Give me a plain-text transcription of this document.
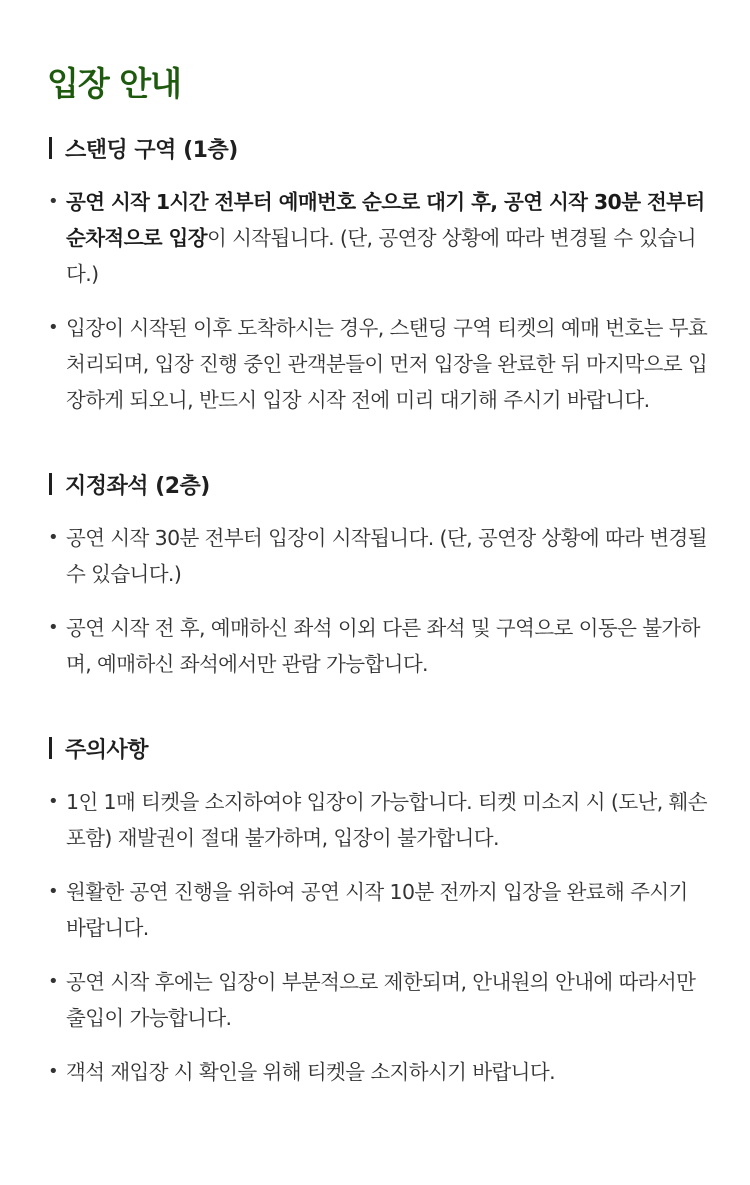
입장 안내
스탠딩 구역 (1층)
• 공연 시작 1시간 전부터 예매번호 순으로 대기 후, 공연 시작 30분 전부터 순차적으로 입장이 시작됩니다. (단, 공연장 상황에 따라 변경될 수 있습니다.)
• 입장이 시작된 이후 도착하시는 경우, 스탠딩 구역 티켓의 예매 번호는 무효 처리되며, 입장 진행 중인 관객분들이 먼저 입장을 완료한 뒤 마지막으로 입장하게 되오니, 반드시 입장 시작 전에 미리 대기해 주시기 바랍니다.
지정좌석 (2층)
• 공연 시작 30분 전부터 입장이 시작됩니다. (단, 공연장 상황에 따라 변경될 수 있습니다.)
• 공연 시작 전 후, 예매하신 좌석 이외 다른 좌석 및 구역으로 이동은 불가하며, 예매하신 좌석에서만 관람 가능합니다.
주의사항
• 1인 1매 티켓을 소지하여야 입장이 가능합니다. 티켓 미소지 시 (도난, 훼손 포함) 재발권이 절대 불가하며, 입장이 불가합니다.
• 원활한 공연 진행을 위하여 공연 시작 10분 전까지 입장을 완료해 주시기 바랍니다.
• 공연 시작 후에는 입장이 부분적으로 제한되며, 안내원의 안내에 따라서만 출입이 가능합니다.
• 객석 재입장 시 확인을 위해 티켓을 소지하시기 바랍니다.
